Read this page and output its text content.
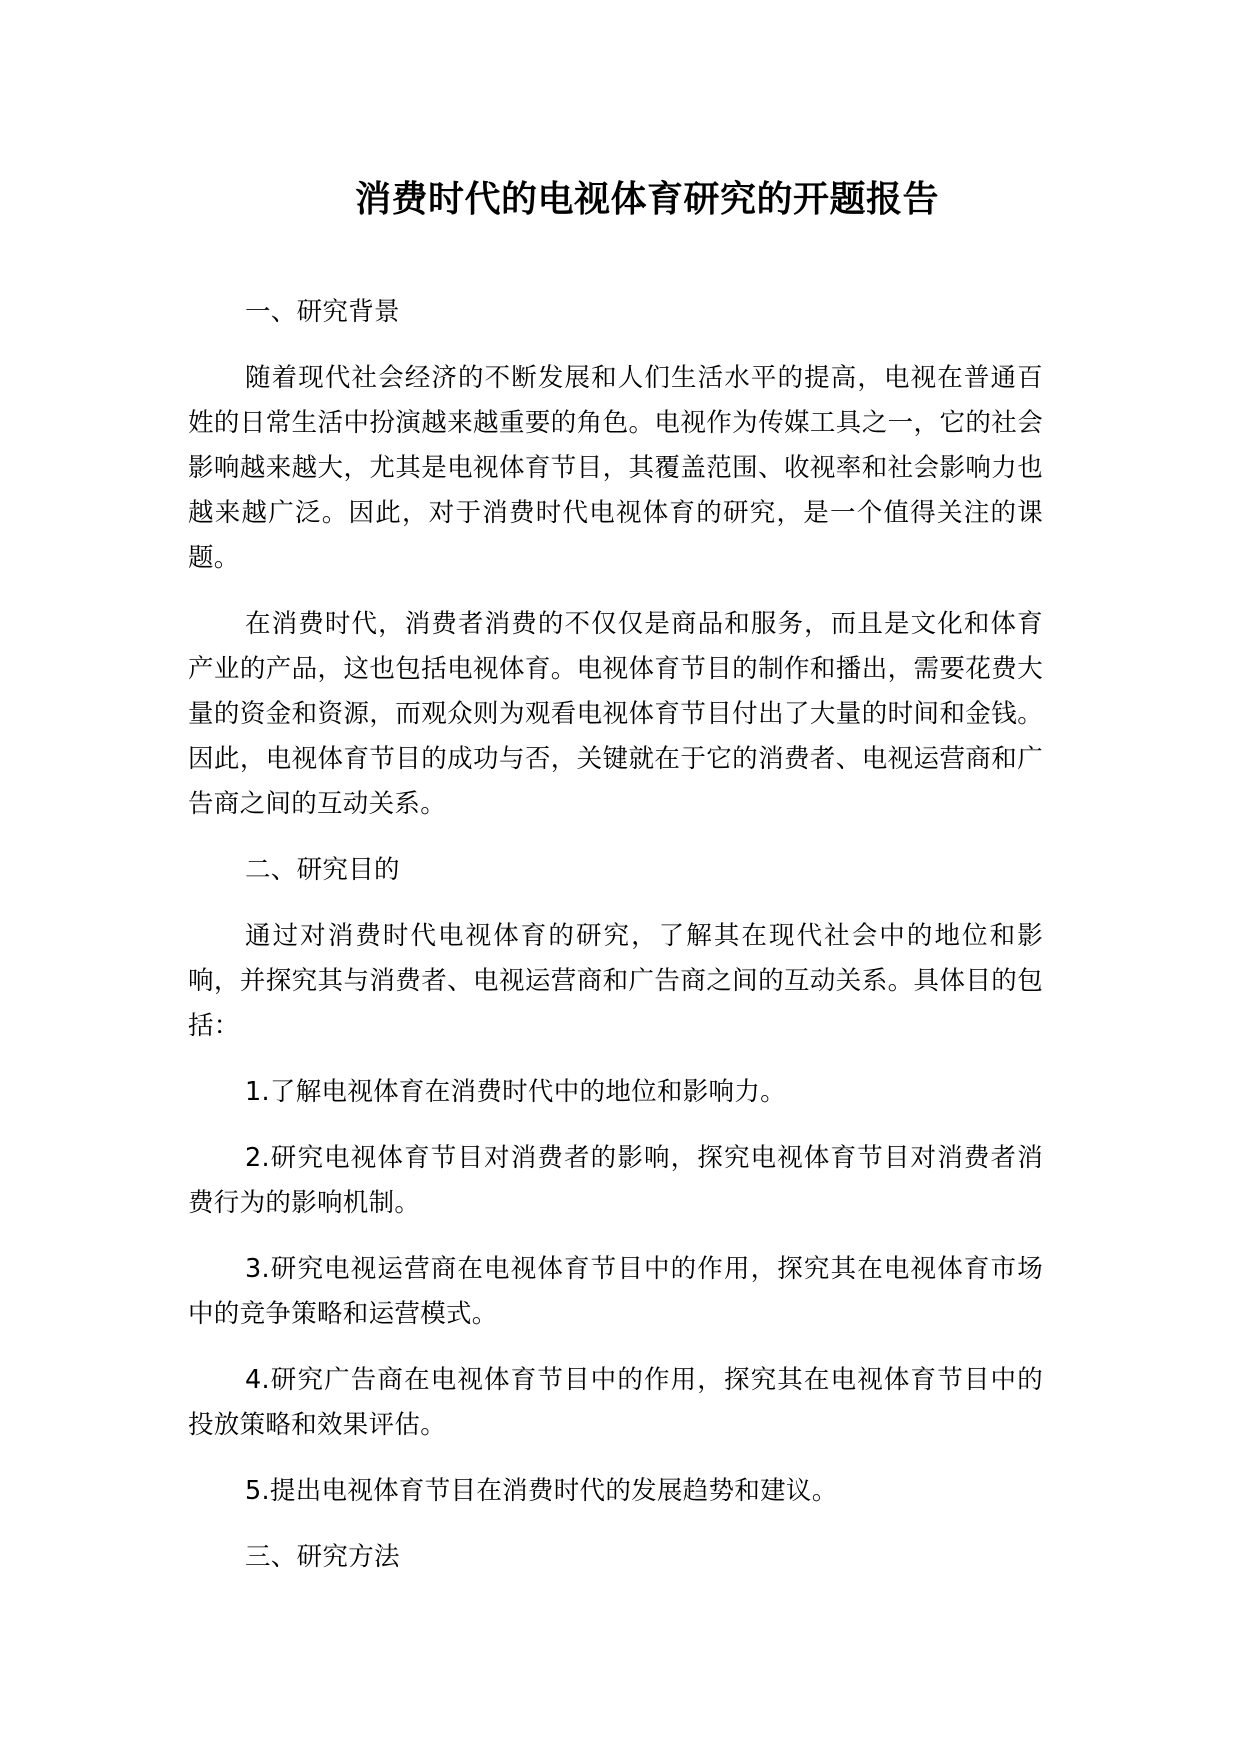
消费时代的电视体育研究的开题报告

一、研究背景

随着现代社会经济的不断发展和人们生活水平的提高，电视在普通百姓的日常生活中扮演越来越重要的角色。电视作为传媒工具之一，它的社会影响越来越大，尤其是电视体育节目，其覆盖范围、收视率和社会影响力也越来越广泛。因此，对于消费时代电视体育的研究，是一个值得关注的课题。

在消费时代，消费者消费的不仅仅是商品和服务，而且是文化和体育产业的产品，这也包括电视体育。电视体育节目的制作和播出，需要花费大量的资金和资源，而观众则为观看电视体育节目付出了大量的时间和金钱。因此，电视体育节目的成功与否，关键就在于它的消费者、电视运营商和广告商之间的互动关系。

二、研究目的

通过对消费时代电视体育的研究，了解其在现代社会中的地位和影响，并探究其与消费者、电视运营商和广告商之间的互动关系。具体目的包括：

1.了解电视体育在消费时代中的地位和影响力。

2.研究电视体育节目对消费者的影响，探究电视体育节目对消费者消费行为的影响机制。

3.研究电视运营商在电视体育节目中的作用，探究其在电视体育市场中的竞争策略和运营模式。

4.研究广告商在电视体育节目中的作用，探究其在电视体育节目中的投放策略和效果评估。

5.提出电视体育节目在消费时代的发展趋势和建议。

三、研究方法
